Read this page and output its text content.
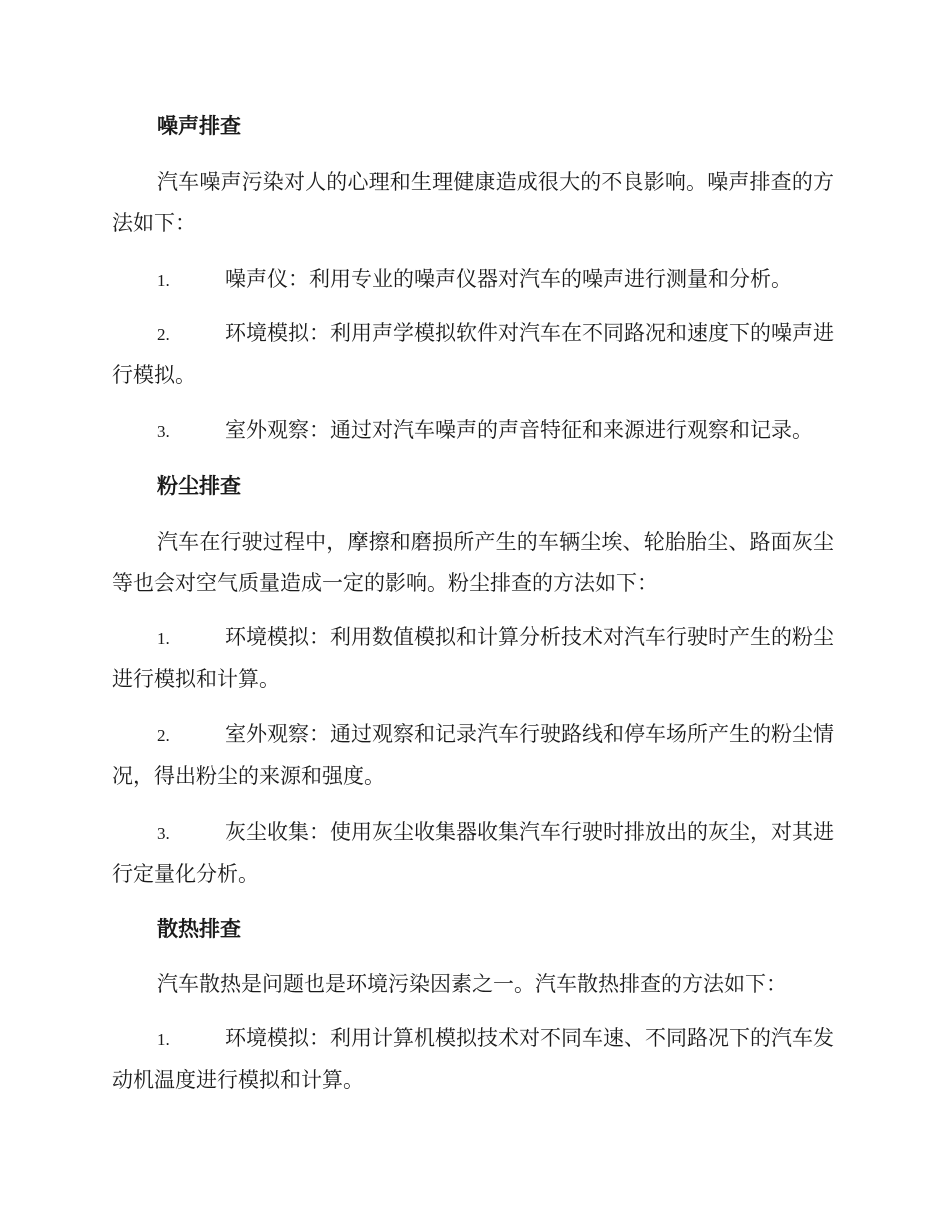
噪声排查

汽车噪声污染对人的心理和生理健康造成很大的不良影响。噪声排查的方法如下：

1.	噪声仪：利用专业的噪声仪器对汽车的噪声进行测量和分析。

2.	环境模拟：利用声学模拟软件对汽车在不同路况和速度下的噪声进行模拟。

3.	室外观察：通过对汽车噪声的声音特征和来源进行观察和记录。

粉尘排查

汽车在行驶过程中，摩擦和磨损所产生的车辆尘埃、轮胎胎尘、路面灰尘等也会对空气质量造成一定的影响。粉尘排查的方法如下：

1.	环境模拟：利用数值模拟和计算分析技术对汽车行驶时产生的粉尘进行模拟和计算。

2.	室外观察：通过观察和记录汽车行驶路线和停车场所产生的粉尘情况，得出粉尘的来源和强度。

3.	灰尘收集：使用灰尘收集器收集汽车行驶时排放出的灰尘，对其进行定量化分析。

散热排查

汽车散热是问题也是环境污染因素之一。汽车散热排查的方法如下：

1.	环境模拟：利用计算机模拟技术对不同车速、不同路况下的汽车发动机温度进行模拟和计算。
